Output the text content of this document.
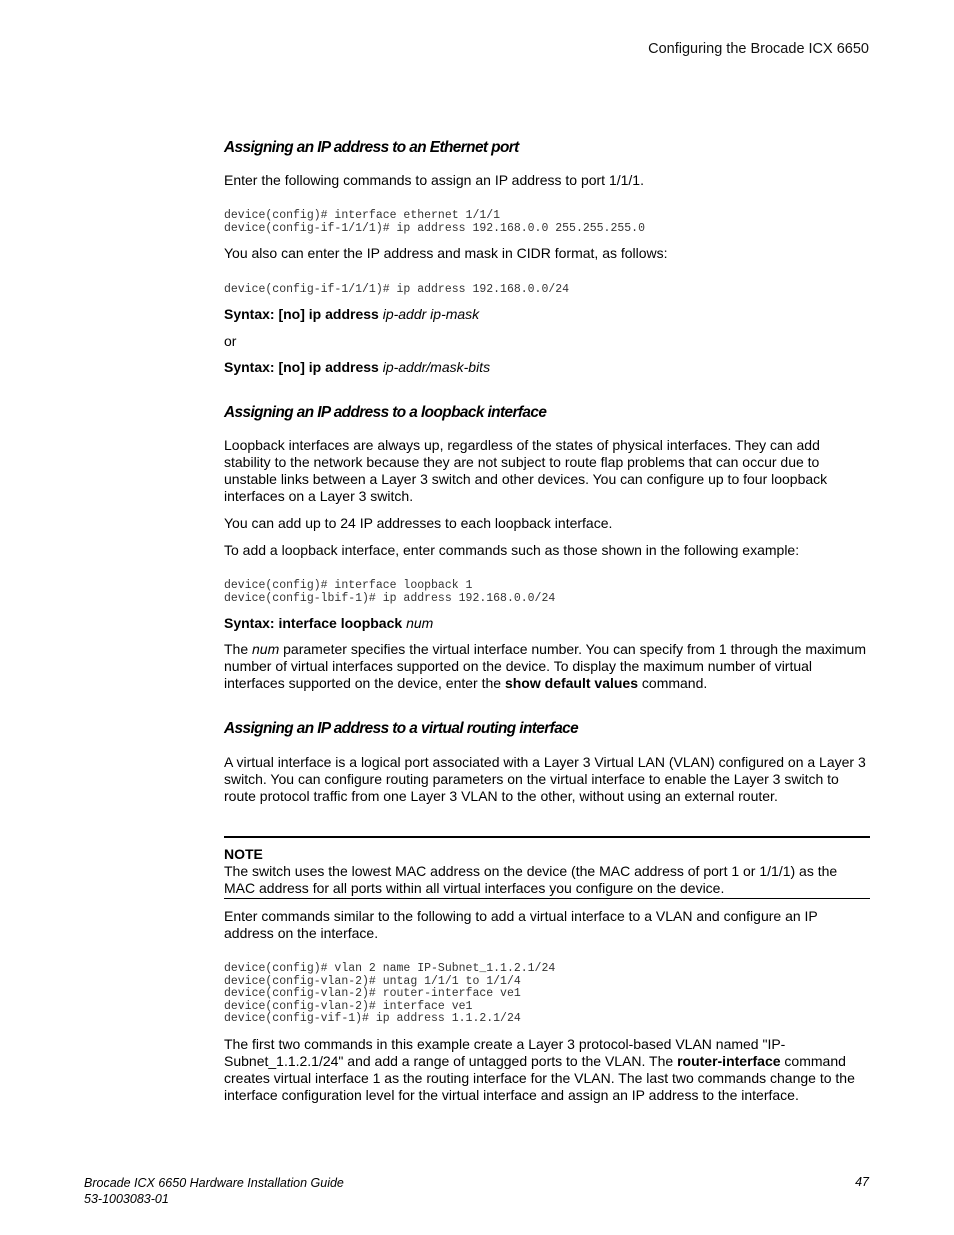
Configuring the Brocade ICX 6650
Assigning an IP address to an Ethernet port

Enter the following commands to assign an IP address to port 1/1/1.

device(config)# interface ethernet 1/1/1
device(config-if-1/1/1)# ip address 192.168.0.0 255.255.255.0

You also can enter the IP address and mask in CIDR format, as follows:

device(config-if-1/1/1)# ip address 192.168.0.0/24

Syntax: [no] ip address ip-addr ip-mask

or

Syntax: [no] ip address ip-addr/mask-bits

Assigning an IP address to a loopback interface

Loopback interfaces are always up, regardless of the states of physical interfaces. They can add stability to the network because they are not subject to route flap problems that can occur due to unstable links between a Layer 3 switch and other devices. You can configure up to four loopback interfaces on a Layer 3 switch.

You can add up to 24 IP addresses to each loopback interface.

To add a loopback interface, enter commands such as those shown in the following example:

device(config)# interface loopback 1
device(config-lbif-1)# ip address 192.168.0.0/24

Syntax: interface loopback num

The num parameter specifies the virtual interface number. You can specify from 1 through the maximum number of virtual interfaces supported on the device. To display the maximum number of virtual interfaces supported on the device, enter the show default values command.

Assigning an IP address to a virtual routing interface

A virtual interface is a logical port associated with a Layer 3 Virtual LAN (VLAN) configured on a Layer 3 switch. You can configure routing parameters on the virtual interface to enable the Layer 3 switch to route protocol traffic from one Layer 3 VLAN to the other, without using an external router.

NOTE

The switch uses the lowest MAC address on the device (the MAC address of port 1 or 1/1/1) as the MAC address for all ports within all virtual interfaces you configure on the device.

Enter commands similar to the following to add a virtual interface to a VLAN and configure an IP address on the interface.

device(config)# vlan 2 name IP-Subnet_1.1.2.1/24
device(config-vlan-2)# untag 1/1/1 to 1/1/4
device(config-vlan-2)# router-interface ve1
device(config-vlan-2)# interface ve1
device(config-vif-1)# ip address 1.1.2.1/24

The first two commands in this example create a Layer 3 protocol-based VLAN named "IP-Subnet_1.1.2.1/24" and add a range of untagged ports to the VLAN. The router-interface command creates virtual interface 1 as the routing interface for the VLAN. The last two commands change to the interface configuration level for the virtual interface and assign an IP address to the interface.

Brocade ICX 6650 Hardware Installation Guide
53-1003083-01
47
